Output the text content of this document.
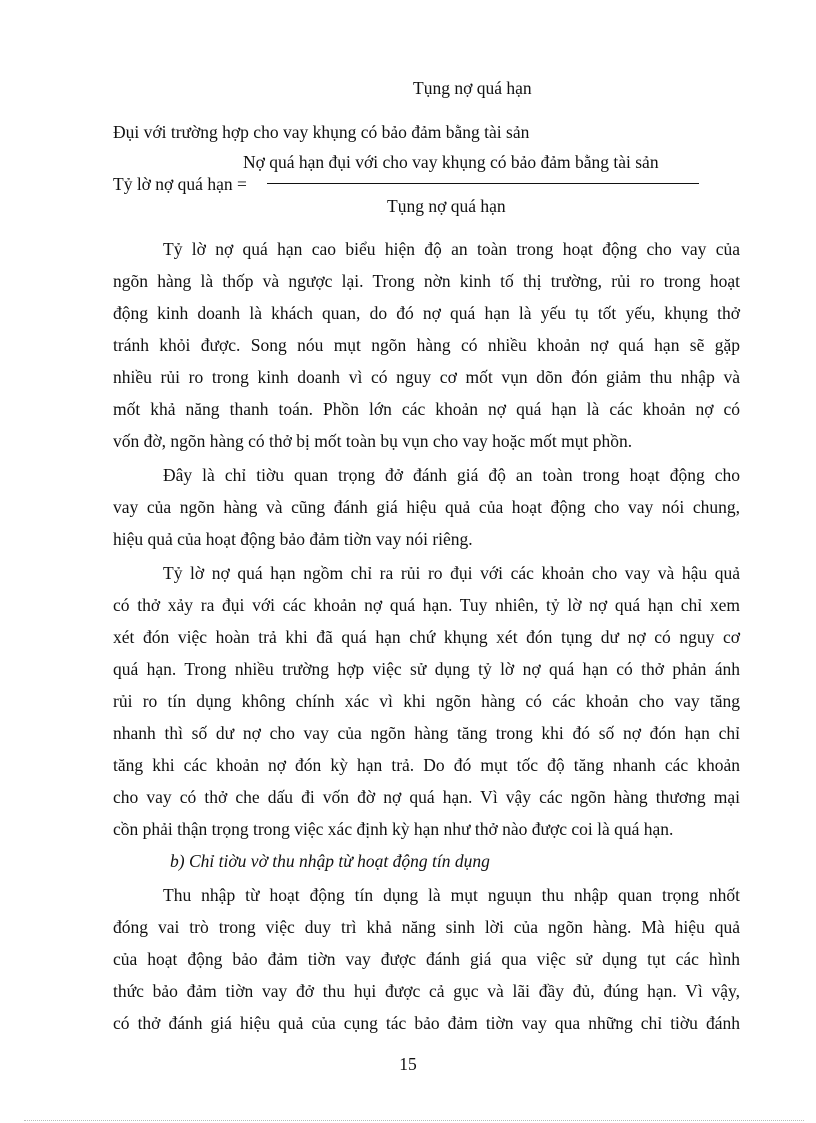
Tụng nợ quá hạn
Đụi với trường hợp cho vay khụng có bảo đảm bằng tài sản
Nợ quá hạn đụi với cho vay khụng có bảo đảm bằng tài sản
Tỷ lờ nợ quá hạn =
Tụng nợ quá hạn
Tỷ lờ nợ quá hạn cao biểu hiện độ an toàn trong hoạt động cho vay của
ngõn hàng là thốp và ngược lại. Trong nờn kinh tố thị trường, rủi ro trong hoạt
động kinh doanh là khách quan, do đó nợ quá hạn là yếu tụ tốt yếu, khụng thở
tránh khỏi được. Song nóu mụt ngõn hàng có nhiều khoản nợ quá hạn sẽ gặp
nhiều rủi ro trong kinh doanh vì có nguy cơ mốt vụn dõn đón giảm thu nhập và
mốt khả năng thanh toán. Phồn lớn các khoản nợ quá hạn là các khoản nợ có
vốn đờ, ngõn hàng có thở bị mốt toàn bụ vụn cho vay hoặc mốt mụt phồn.
Đây là chỉ tiờu quan trọng đở đánh giá độ an toàn trong hoạt động cho
vay của ngõn hàng và cũng đánh giá hiệu quả của hoạt động cho vay nói chung,
hiệu quả của hoạt động bảo đảm tiờn vay nói riêng.
Tỷ lờ nợ quá hạn ngồm chỉ ra rủi ro đụi với các khoản cho vay và hậu quả
có thở xảy ra đụi với các khoản nợ quá hạn. Tuy nhiên, tỷ lờ nợ quá hạn chỉ xem
xét đón việc hoàn trả khi đã quá hạn chứ khụng xét đón tụng dư nợ có nguy cơ
quá hạn. Trong nhiều trường hợp việc sử dụng tỷ lờ nợ quá hạn có thở phản ánh
rủi ro tín dụng không chính xác vì khi ngõn hàng có các khoản cho vay tăng
nhanh thì số dư nợ cho vay của ngõn hàng tăng trong khi đó số nợ đón hạn chỉ
tăng khi các khoản nợ đón kỳ hạn trả. Do đó mụt tốc độ tăng nhanh các khoản
cho vay có thở che dấu đi vốn đờ nợ quá hạn. Vì vậy các ngõn hàng thương mại
cồn phải thận trọng trong việc xác định kỳ hạn như thở nào được coi là quá hạn.
b) Chỉ tiờu vờ thu nhập từ hoạt động tín dụng
Thu nhập từ hoạt động tín dụng là mụt nguụn thu nhập quan trọng nhốt
đóng vai trò trong việc duy trì khả năng sinh lời của ngõn hàng. Mà hiệu quả
của hoạt động bảo đảm tiờn vay được đánh giá qua việc sử dụng tụt các hình
thức bảo đảm tiờn vay đở thu hụi được cả gục và lãi đầy đủ, đúng hạn. Vì vậy,
có thở đánh giá hiệu quả của cụng tác bảo đảm tiờn vay qua những chỉ tiờu đánh
15
